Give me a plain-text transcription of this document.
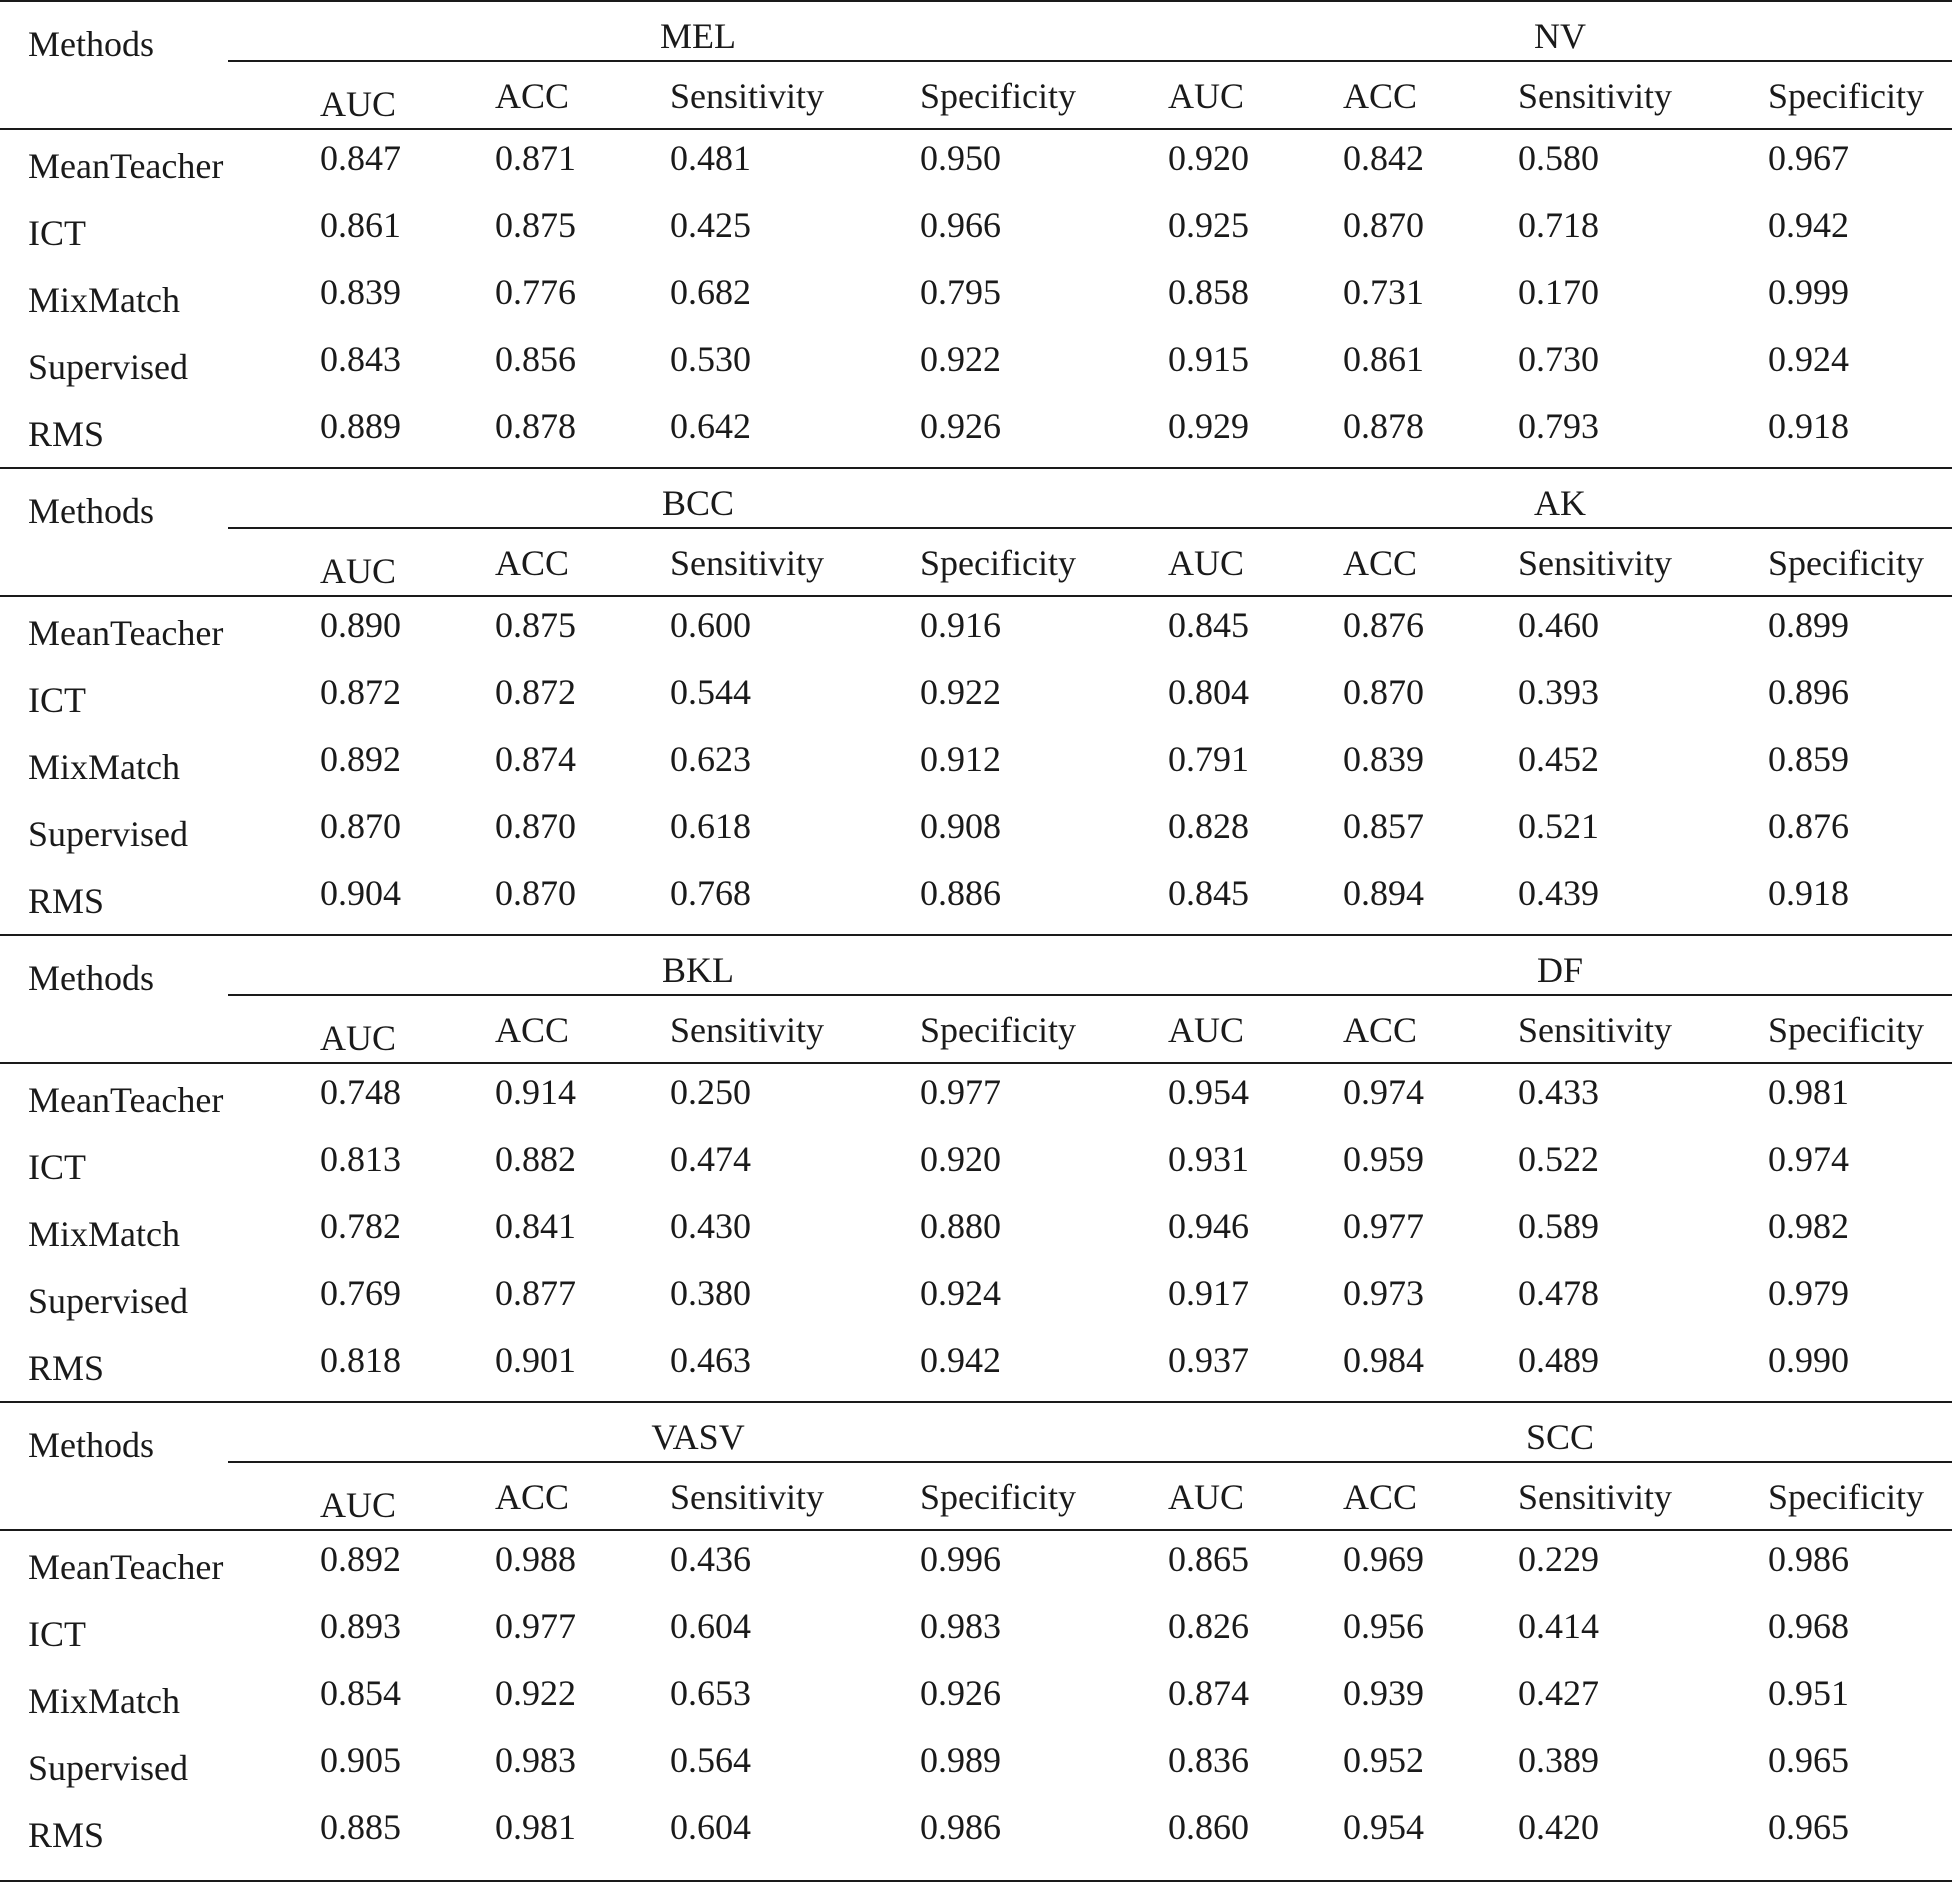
Methods	MEL	NV
AUC	ACC	Sensitivity	Specificity	AUC	ACC	Sensitivity	Specificity
MeanTeacher	0.847	0.871	0.481	0.950	0.920	0.842	0.580	0.967
ICT	0.861	0.875	0.425	0.966	0.925	0.870	0.718	0.942
MixMatch	0.839	0.776	0.682	0.795	0.858	0.731	0.170	0.999
Supervised	0.843	0.856	0.530	0.922	0.915	0.861	0.730	0.924
RMS	0.889	0.878	0.642	0.926	0.929	0.878	0.793	0.918
Methods	BCC	AK
AUC	ACC	Sensitivity	Specificity	AUC	ACC	Sensitivity	Specificity
MeanTeacher	0.890	0.875	0.600	0.916	0.845	0.876	0.460	0.899
ICT	0.872	0.872	0.544	0.922	0.804	0.870	0.393	0.896
MixMatch	0.892	0.874	0.623	0.912	0.791	0.839	0.452	0.859
Supervised	0.870	0.870	0.618	0.908	0.828	0.857	0.521	0.876
RMS	0.904	0.870	0.768	0.886	0.845	0.894	0.439	0.918
Methods	BKL	DF
AUC	ACC	Sensitivity	Specificity	AUC	ACC	Sensitivity	Specificity
MeanTeacher	0.748	0.914	0.250	0.977	0.954	0.974	0.433	0.981
ICT	0.813	0.882	0.474	0.920	0.931	0.959	0.522	0.974
MixMatch	0.782	0.841	0.430	0.880	0.946	0.977	0.589	0.982
Supervised	0.769	0.877	0.380	0.924	0.917	0.973	0.478	0.979
RMS	0.818	0.901	0.463	0.942	0.937	0.984	0.489	0.990
Methods	VASV	SCC
AUC	ACC	Sensitivity	Specificity	AUC	ACC	Sensitivity	Specificity
MeanTeacher	0.892	0.988	0.436	0.996	0.865	0.969	0.229	0.986
ICT	0.893	0.977	0.604	0.983	0.826	0.956	0.414	0.968
MixMatch	0.854	0.922	0.653	0.926	0.874	0.939	0.427	0.951
Supervised	0.905	0.983	0.564	0.989	0.836	0.952	0.389	0.965
RMS	0.885	0.981	0.604	0.986	0.860	0.954	0.420	0.965
